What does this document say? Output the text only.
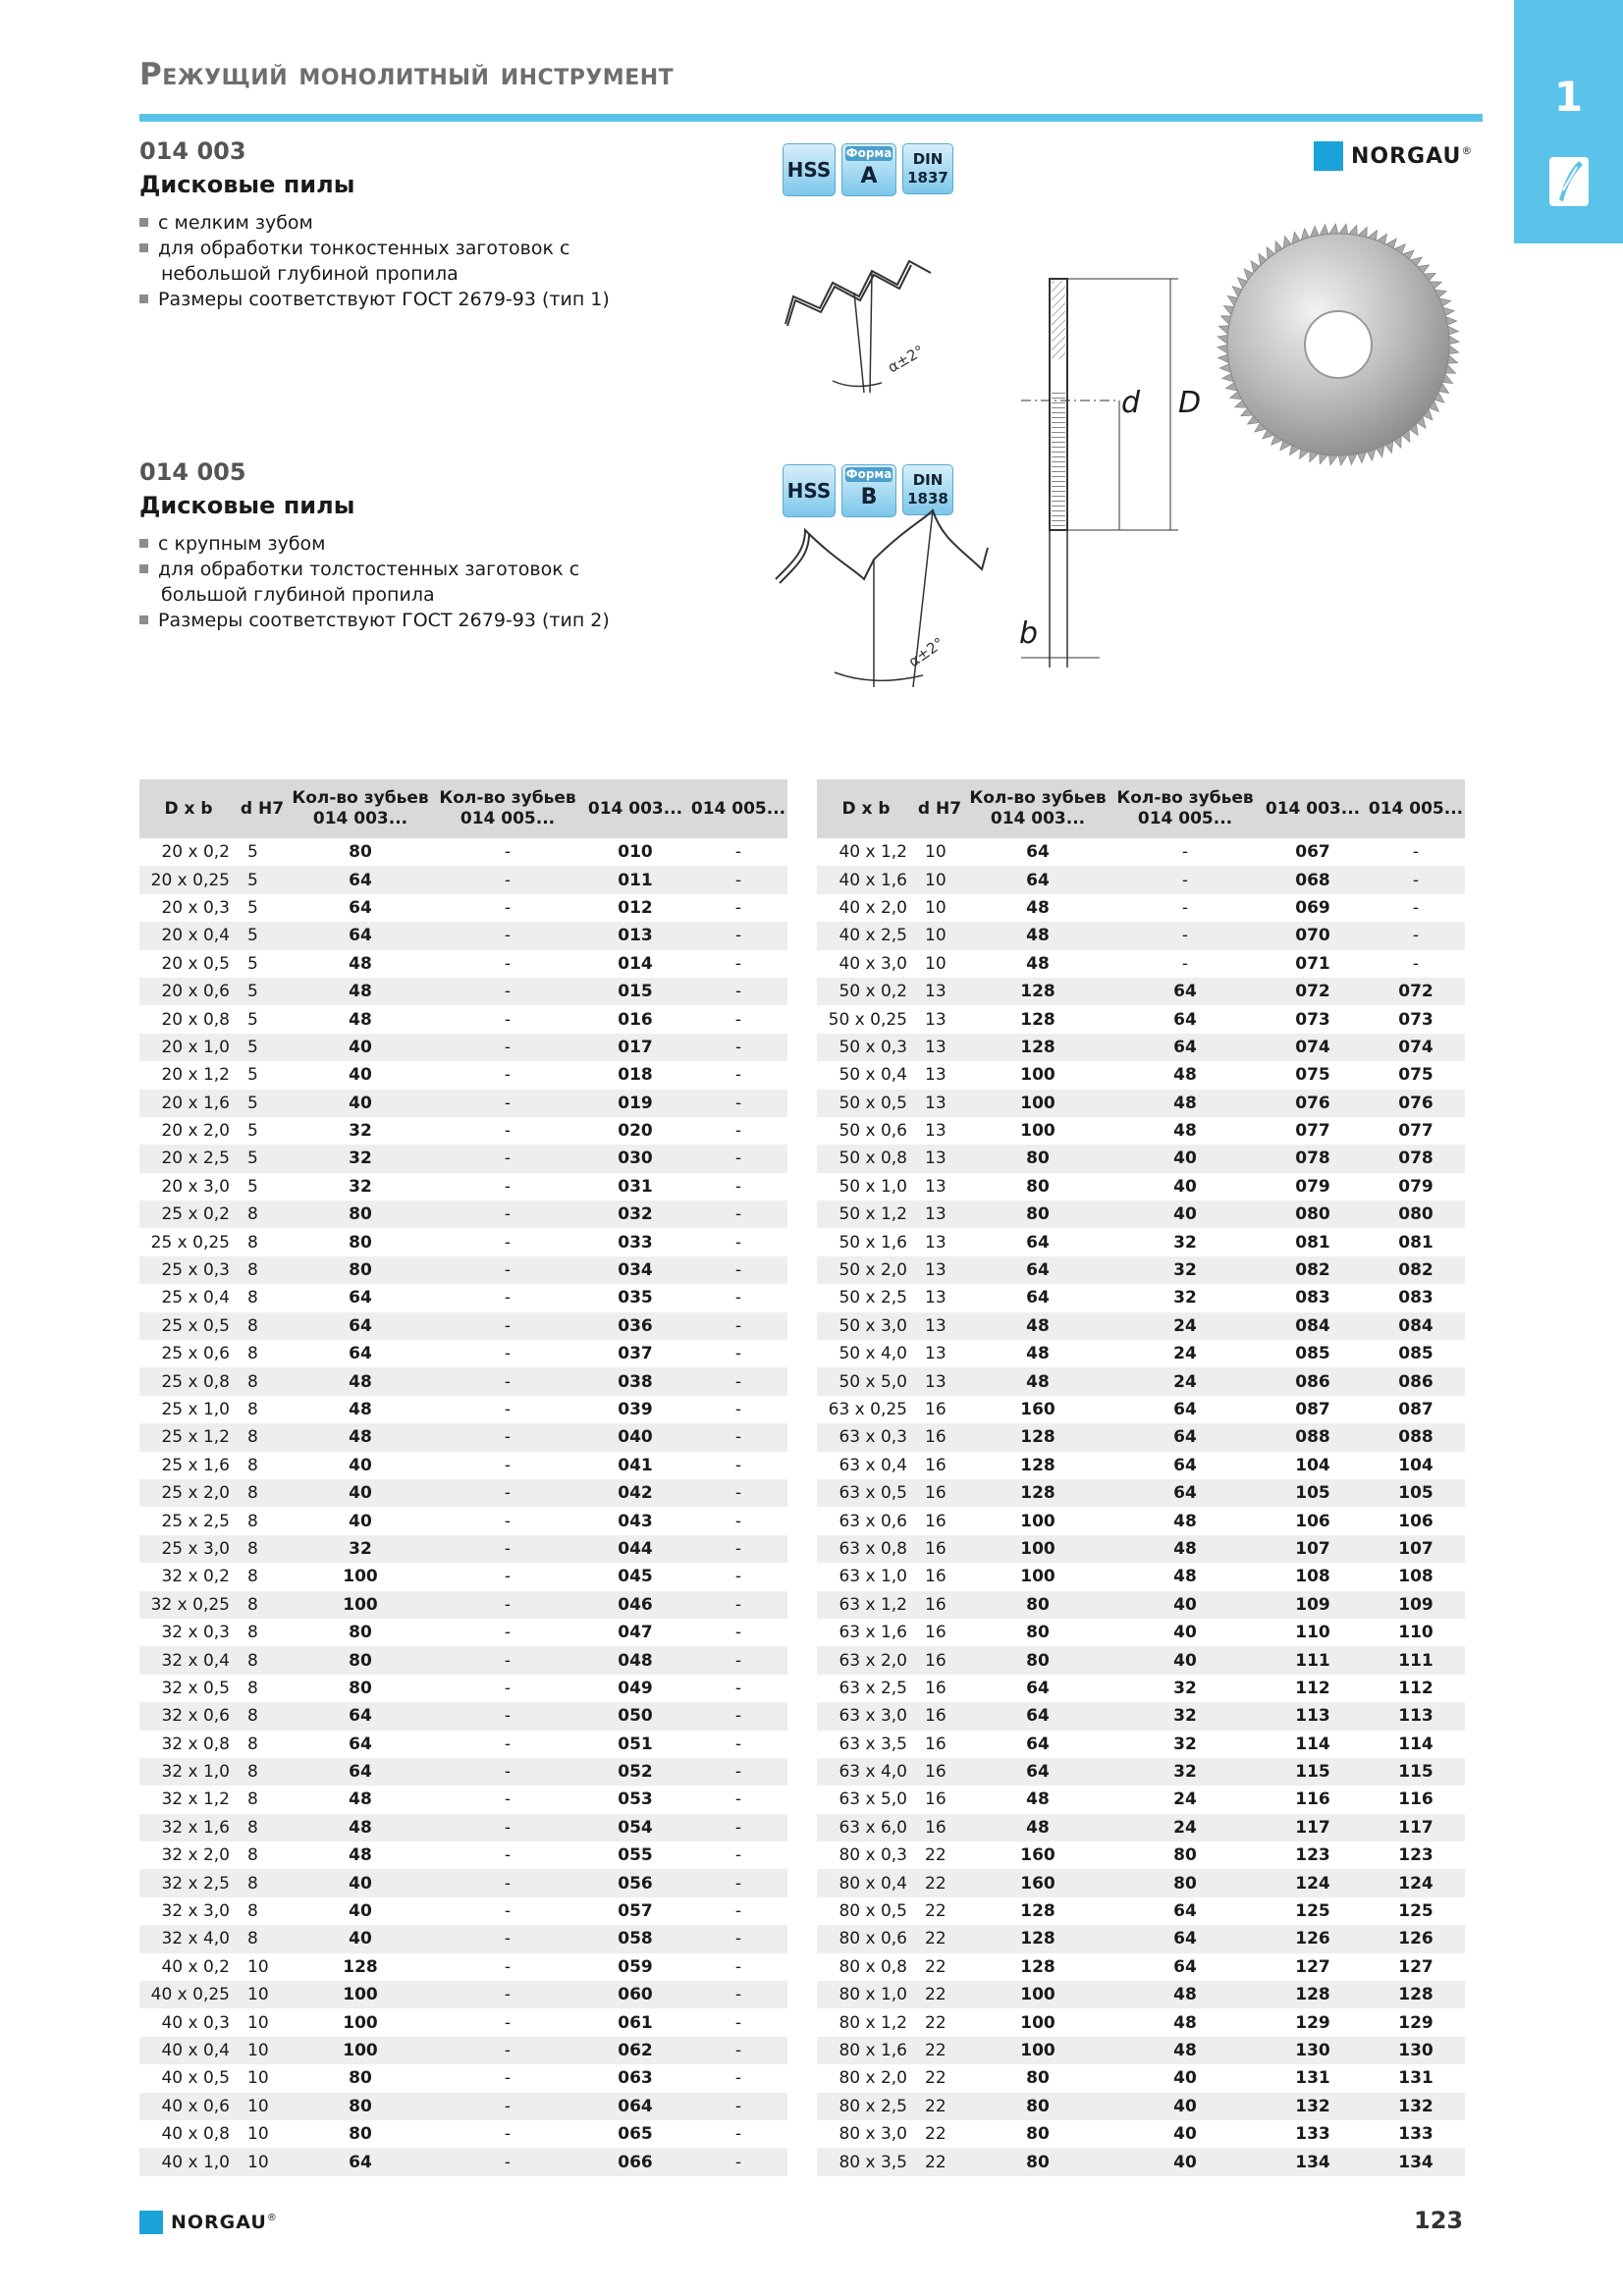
Режущий монолитный инструмент	1
NORGAU®
014 003
Дисковые пилы
с мелким зубом
для обработки тонкостенных заготовок с
небольшой глубиной пропила
Размеры соответствуют ГОСТ 2679-93 (тип 1)
HSS
Форма
A
DIN
1837
014 005
Дисковые пилы
с крупным зубом
для обработки толстостенных заготовок с
большой глубиной пропила
Размеры соответствуют ГОСТ 2679-93 (тип 2)
HSS
Форма
B
DIN
1838
α±2°
α±2°
d D
b
D x b	d H7	Кол-во зубьев 014 003...	Кол-во зубьев 014 005...	014 003...	014 005...
20 x 0,2	5	80	-	010	-
20 x 0,25	5	64	-	011	-
20 x 0,3	5	64	-	012	-
20 x 0,4	5	64	-	013	-
20 x 0,5	5	48	-	014	-
20 x 0,6	5	48	-	015	-
20 x 0,8	5	48	-	016	-
20 x 1,0	5	40	-	017	-
20 x 1,2	5	40	-	018	-
20 x 1,6	5	40	-	019	-
20 x 2,0	5	32	-	020	-
20 x 2,5	5	32	-	030	-
20 x 3,0	5	32	-	031	-
25 x 0,2	8	80	-	032	-
25 x 0,25	8	80	-	033	-
25 x 0,3	8	80	-	034	-
25 x 0,4	8	64	-	035	-
25 x 0,5	8	64	-	036	-
25 x 0,6	8	64	-	037	-
25 x 0,8	8	48	-	038	-
25 x 1,0	8	48	-	039	-
25 x 1,2	8	48	-	040	-
25 x 1,6	8	40	-	041	-
25 x 2,0	8	40	-	042	-
25 x 2,5	8	40	-	043	-
25 x 3,0	8	32	-	044	-
32 x 0,2	8	100	-	045	-
32 x 0,25	8	100	-	046	-
32 x 0,3	8	80	-	047	-
32 x 0,4	8	80	-	048	-
32 x 0,5	8	80	-	049	-
32 x 0,6	8	64	-	050	-
32 x 0,8	8	64	-	051	-
32 x 1,0	8	64	-	052	-
32 x 1,2	8	48	-	053	-
32 x 1,6	8	48	-	054	-
32 x 2,0	8	48	-	055	-
32 x 2,5	8	40	-	056	-
32 x 3,0	8	40	-	057	-
32 x 4,0	8	40	-	058	-
40 x 0,2	10	128	-	059	-
40 x 0,25	10	100	-	060	-
40 x 0,3	10	100	-	061	-
40 x 0,4	10	100	-	062	-
40 x 0,5	10	80	-	063	-
40 x 0,6	10	80	-	064	-
40 x 0,8	10	80	-	065	-
40 x 1,0	10	64	-	066	-
D x b	d H7	Кол-во зубьев 014 003...	Кол-во зубьев 014 005...	014 003...	014 005...
40 x 1,2	10	64	-	067	-
40 x 1,6	10	64	-	068	-
40 x 2,0	10	48	-	069	-
40 x 2,5	10	48	-	070	-
40 x 3,0	10	48	-	071	-
50 x 0,2	13	128	64	072	072
50 x 0,25	13	128	64	073	073
50 x 0,3	13	128	64	074	074
50 x 0,4	13	100	48	075	075
50 x 0,5	13	100	48	076	076
50 x 0,6	13	100	48	077	077
50 x 0,8	13	80	40	078	078
50 x 1,0	13	80	40	079	079
50 x 1,2	13	80	40	080	080
50 x 1,6	13	64	32	081	081
50 x 2,0	13	64	32	082	082
50 x 2,5	13	64	32	083	083
50 x 3,0	13	48	24	084	084
50 x 4,0	13	48	24	085	085
50 x 5,0	13	48	24	086	086
63 x 0,25	16	160	64	087	087
63 x 0,3	16	128	64	088	088
63 x 0,4	16	128	64	104	104
63 x 0,5	16	128	64	105	105
63 x 0,6	16	100	48	106	106
63 x 0,8	16	100	48	107	107
63 x 1,0	16	100	48	108	108
63 x 1,2	16	80	40	109	109
63 x 1,6	16	80	40	110	110
63 x 2,0	16	80	40	111	111
63 x 2,5	16	64	32	112	112
63 x 3,0	16	64	32	113	113
63 x 3,5	16	64	32	114	114
63 x 4,0	16	64	32	115	115
63 x 5,0	16	48	24	116	116
63 x 6,0	16	48	24	117	117
80 x 0,3	22	160	80	123	123
80 x 0,4	22	160	80	124	124
80 x 0,5	22	128	64	125	125
80 x 0,6	22	128	64	126	126
80 x 0,8	22	128	64	127	127
80 x 1,0	22	100	48	128	128
80 x 1,2	22	100	48	129	129
80 x 1,6	22	100	48	130	130
80 x 2,0	22	80	40	131	131
80 x 2,5	22	80	40	132	132
80 x 3,0	22	80	40	133	133
80 x 3,5	22	80	40	134	134
NORGAU®	123
